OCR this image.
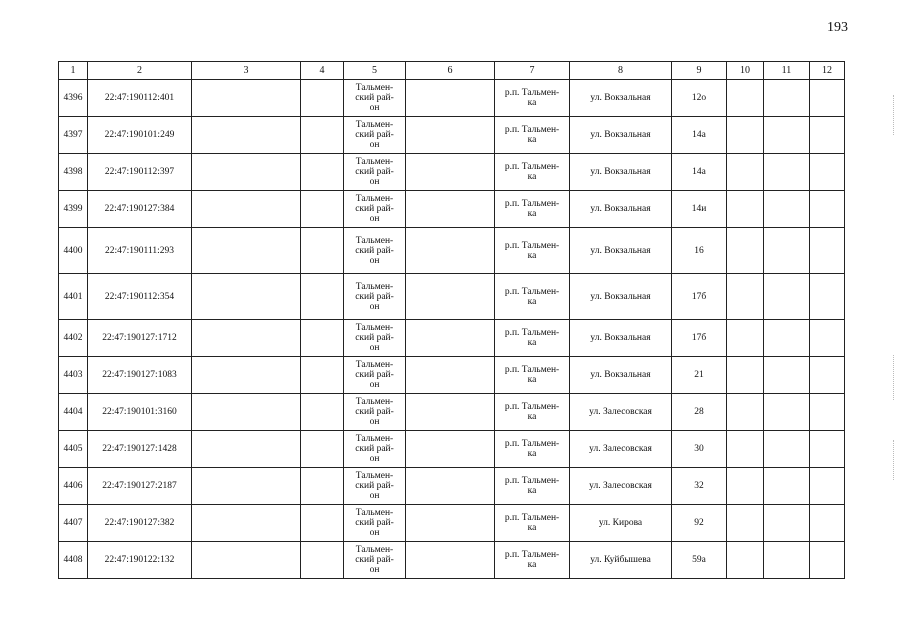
193
1	2	3	4	5	6	7	8	9	10	11	12
4396	22:47:190112:401			Тальмен-
ский рай-
он		р.п. Тальмен-
ка	ул. Вокзальная	12о			
4397	22:47:190101:249			Тальмен-
ский рай-
он		р.п. Тальмен-
ка	ул. Вокзальная	14а			
4398	22:47:190112:397			Тальмен-
ский рай-
он		р.п. Тальмен-
ка	ул. Вокзальная	14а			
4399	22:47:190127:384			Тальмен-
ский рай-
он		р.п. Тальмен-
ка	ул. Вокзальная	14и			
4400	22:47:190111:293			Тальмен-
ский рай-
он		р.п. Тальмен-
ка	ул. Вокзальная	16			
4401	22:47:190112:354			Тальмен-
ский рай-
он		р.п. Тальмен-
ка	ул. Вокзальная	17б			
4402	22:47:190127:1712			Тальмен-
ский рай-
он		р.п. Тальмен-
ка	ул. Вокзальная	17б			
4403	22:47:190127:1083			Тальмен-
ский рай-
он		р.п. Тальмен-
ка	ул. Вокзальная	21			
4404	22:47:190101:3160			Тальмен-
ский рай-
он		р.п. Тальмен-
ка	ул. Залесовская	28			
4405	22:47:190127:1428			Тальмен-
ский рай-
он		р.п. Тальмен-
ка	ул. Залесовская	30			
4406	22:47:190127:2187			Тальмен-
ский рай-
он		р.п. Тальмен-
ка	ул. Залесовская	32			
4407	22:47:190127:382			Тальмен-
ский рай-
он		р.п. Тальмен-
ка	ул. Кирова	92			
4408	22:47:190122:132			Тальмен-
ский рай-
он		р.п. Тальмен-
ка	ул. Куйбышева	59а			
